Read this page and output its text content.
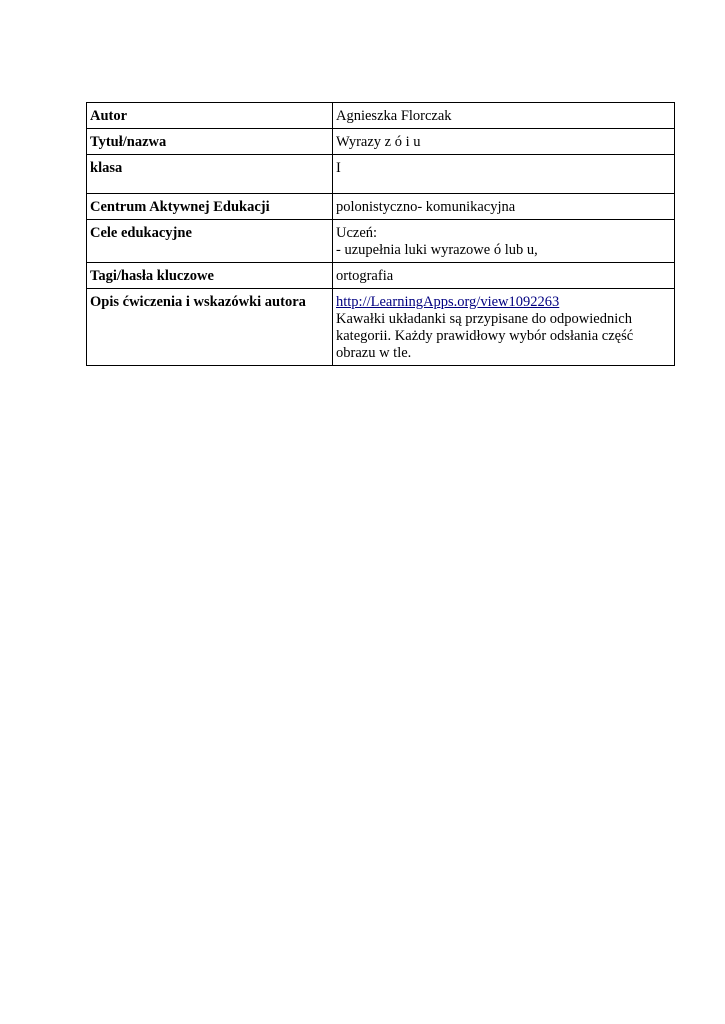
Autor	Agnieszka Florczak
Tytuł/nazwa	Wyrazy z ó i u
klasa	I
Centrum Aktywnej Edukacji	polonistyczno- komunikacyjna
Cele edukacyjne	Uczeń:
- uzupełnia luki wyrazowe ó lub u,

Tagi/hasła kluczowe	ortografia
Opis ćwiczenia i wskazówki autora	http://LearningApps.org/view1092263
Kawałki układanki są przypisane do odpowiednich
kategorii. Każdy prawidłowy wybór odsłania część
obrazu w tle.
